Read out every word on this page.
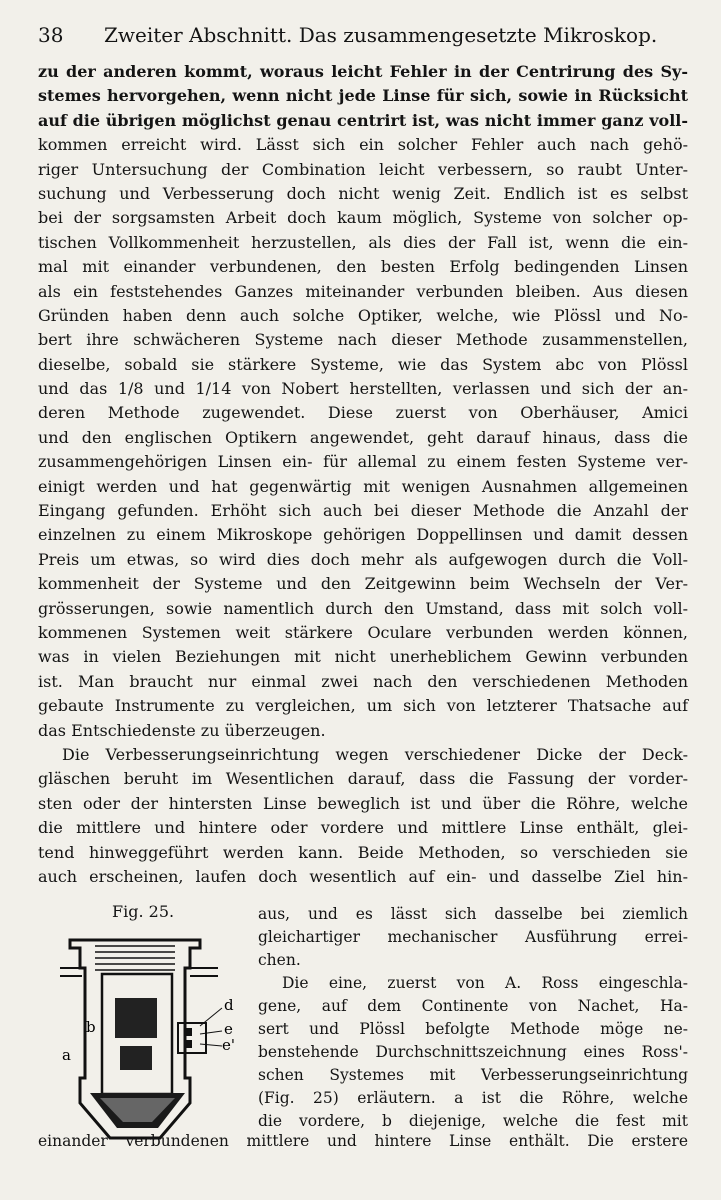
38 Zweiter Abschnitt. Das zusammengesetzte Mikroskop.
zu der anderen kommt, woraus leicht Fehler in der Centrirung des Sy-
stemes hervorgehen, wenn nicht jede Linse für sich, sowie in Rücksicht
auf die übrigen möglichst genau centrirt ist, was nicht immer ganz voll-
kommen erreicht wird. Lässt sich ein solcher Fehler auch nach gehö-
riger Untersuchung der Combination leicht verbessern, so raubt Unter-
suchung und Verbesserung doch nicht wenig Zeit. Endlich ist es selbst
bei der sorgsamsten Arbeit doch kaum möglich, Systeme von solcher op-
tischen Vollkommenheit herzustellen, als dies der Fall ist, wenn die ein-
mal mit einander verbundenen, den besten Erfolg bedingenden Linsen
als ein feststehendes Ganzes miteinander verbunden bleiben. Aus diesen
Gründen haben denn auch solche Optiker, welche, wie Plössl und No-
bert ihre schwächeren Systeme nach dieser Methode zusammenstellen,
dieselbe, sobald sie stärkere Systeme, wie das System abc von Plössl
und das 1/8 und 1/14 von Nobert herstellten, verlassen und sich der an-
deren Methode zugewendet. Diese zuerst von Oberhäuser, Amici
und den englischen Optikern angewendet, geht darauf hinaus, dass die
zusammengehörigen Linsen ein- für allemal zu einem festen Systeme ver-
einigt werden und hat gegenwärtig mit wenigen Ausnahmen allgemeinen
Eingang gefunden. Erhöht sich auch bei dieser Methode die Anzahl der
einzelnen zu einem Mikroskope gehörigen Doppellinsen und damit dessen
Preis um etwas, so wird dies doch mehr als aufgewogen durch die Voll-
kommenheit der Systeme und den Zeitgewinn beim Wechseln der Ver-
grösserungen, sowie namentlich durch den Umstand, dass mit solch voll-
kommenen Systemen weit stärkere Oculare verbunden werden können,
was in vielen Beziehungen mit nicht unerheblichem Gewinn verbunden
ist. Man braucht nur einmal zwei nach den verschiedenen Methoden
gebaute Instrumente zu vergleichen, um sich von letzterer Thatsache auf
das Entschiedenste zu überzeugen.
Die Verbesserungseinrichtung wegen verschiedener Dicke der Deck-
gläschen beruht im Wesentlichen darauf, dass die Fassung der vorder-
sten oder der hintersten Linse beweglich ist und über die Röhre, welche
die mittlere und hintere oder vordere und mittlere Linse enthält, glei-
tend hinweggeführt werden kann. Beide Methoden, so verschieden sie
auch erscheinen, laufen doch wesentlich auf ein- und dasselbe Ziel hin-
Fig. 25.
d
e
e'
b
a
aus, und es lässt sich dasselbe bei ziemlich
gleichartiger mechanischer Ausführung errei-
chen.
Die eine, zuerst von A. Ross eingeschla-
gene, auf dem Continente von Nachet, Ha-
sert und Plössl befolgte Methode möge ne-
benstehende Durchschnittszeichnung eines Ross'-
schen Systemes mit Verbesserungseinrichtung
(Fig. 25) erläutern. a ist die Röhre, welche
die vordere, b diejenige, welche die fest mit
einander verbundenen mittlere und hintere Linse enthält. Die erstere
